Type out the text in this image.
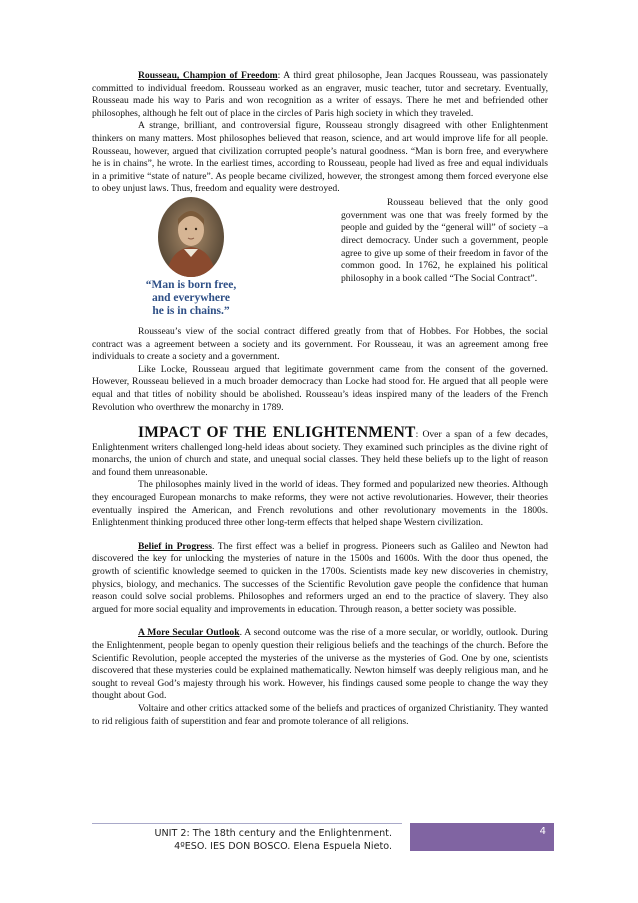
Rousseau, Champion of Freedom: A third great philosophe, Jean Jacques Rousseau, was passionately committed to individual freedom. Rousseau worked as an engraver, music teacher, tutor and secretary. Eventually, Rousseau made his way to Paris and won recognition as a writer of essays. There he met and befriended other philosophes, although he felt out of place in the circles of Paris high society in which they traveled.

A strange, brilliant, and controversial figure, Rousseau strongly disagreed with other Enlightenment thinkers on many matters. Most philosophes believed that reason, science, and art would improve life for all people. Rousseau, however, argued that civilization corrupted people’s natural goodness. “Man is born free, and everywhere he is in chains”, he wrote. In the earliest times, according to Rousseau, people had lived as free and equal individuals in a primitive “state of nature”. As people became civilized, however, the strongest among them forced everyone else to obey unjust laws. Thus, freedom and equality were destroyed.

“Man is born free,
and everywhere
he is in chains.”

Rousseau believed that the only good government was one that was freely formed by the people and guided by the “general will” of society –a direct democracy. Under such a government, people agree to give up some of their freedom in favor of the common good. In 1762, he explained his political philosophy in a book called “The Social Contract”.

Rousseau’s view of the social contract differed greatly from that of Hobbes. For Hobbes, the social contract was a agreement between a society and its government. For Rousseau, it was an agreement among free individuals to create a society and a government.

Like Locke, Rousseau argued that legitimate government came from the consent of the governed. However, Rousseau believed in a much broader democracy than Locke had stood for. He argued that all people were equal and that titles of nobility should be abolished. Rousseau’s ideas inspired many of the leaders of the French Revolution who overthrew the monarchy in 1789.

IMPACT OF THE ENLIGHTENMENT: Over a span of a few decades, Enlightenment writers challenged long-held ideas about society. They examined such principles as the divine right of monarchs, the union of church and state, and unequal social classes. They held these beliefs up to the light of reason and found them unreasonable.

The philosophes mainly lived in the world of ideas. They formed and popularized new theories. Although they encouraged European monarchs to make reforms, they were not active revolutionaries. However, their theories eventually inspired the American, and French revolutions and other revolutionary movements in the 1800s. Enlightenment thinking produced three other long-term effects that helped shape Western civilization.

Belief in Progress. The first effect was a belief in progress. Pioneers such as Galileo and Newton had discovered the key for unlocking the mysteries of nature in the 1500s and 1600s. With the door thus opened, the growth of scientific knowledge seemed to quicken in the 1700s. Scientists made key new discoveries in chemistry, physics, biology, and mechanics. The successes of the Scientific Revolution gave people the confidence that human reason could solve social problems. Philosophes and reformers urged an end to the practice of slavery. They also argued for more social equality and improvements in education. Through reason, a better society was possible.

A More Secular Outlook. A second outcome was the rise of a more secular, or worldly, outlook. During the Enlightenment, people began to openly question their religious beliefs and the teachings of the church. Before the Scientific Revolution, people accepted the mysteries of the universe as the mysteries of God. One by one, scientists discovered that these mysteries could be explained mathematically. Newton himself was deeply religious man, and he sought to reveal God’s majesty through his work. However, his findings caused some people to change the way they thought about God.

Voltaire and other critics attacked some of the beliefs and practices of organized Christianity. They wanted to rid religious faith of superstition and fear and promote tolerance of all religions.

UNIT 2: The 18th century and the Enlightenment.
4ºESO. IES DON BOSCO. Elena Espuela Nieto.
4
